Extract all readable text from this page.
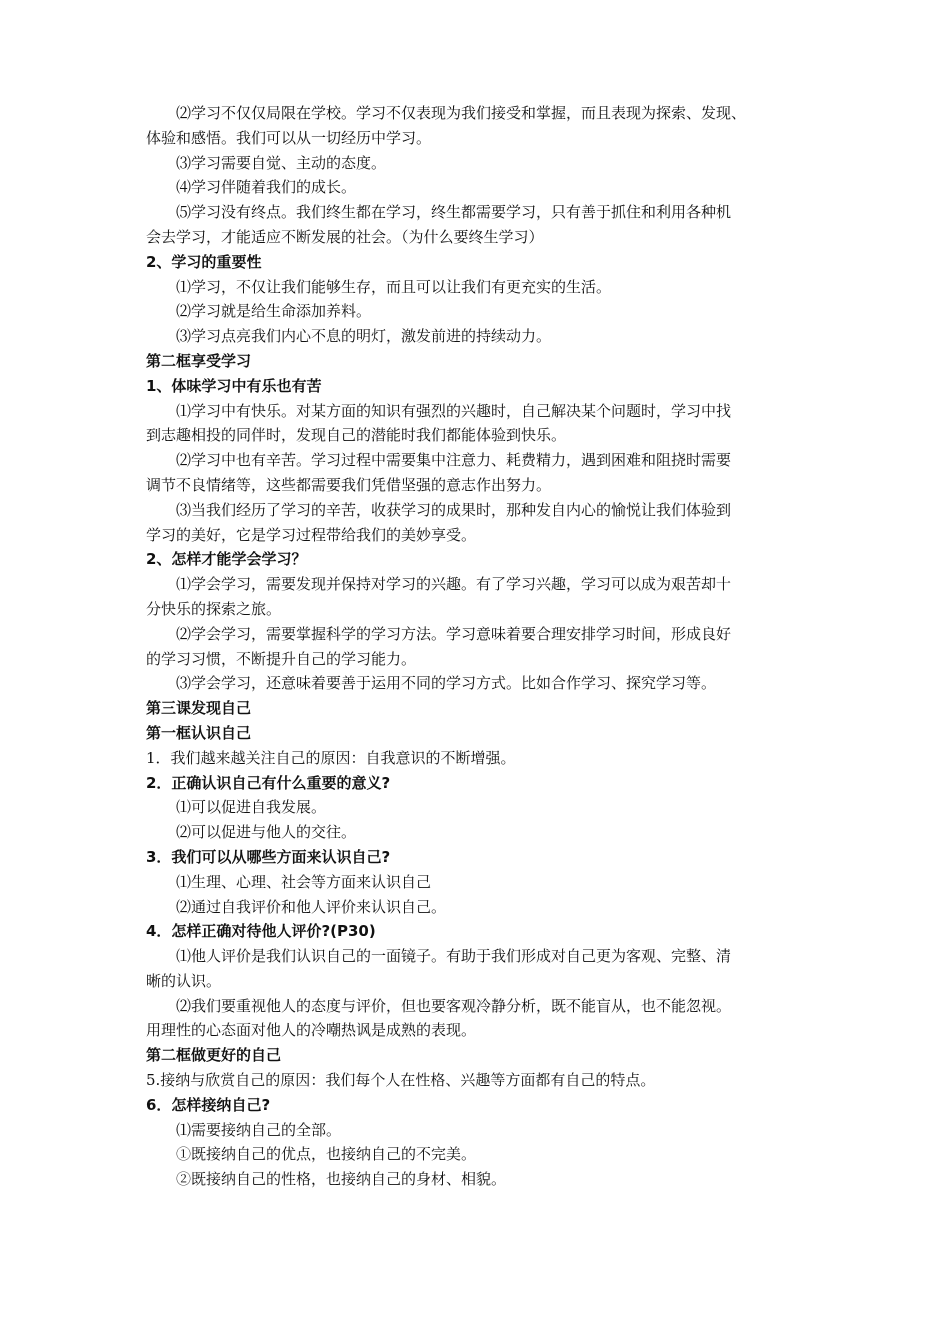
⑵学习不仅仅局限在学校。学习不仅表现为我们接受和掌握，而且表现为探索、发现、
体验和感悟。我们可以从一切经历中学习。
⑶学习需要自觉、主动的态度。
⑷学习伴随着我们的成长。
⑸学习没有终点。我们终生都在学习，终生都需要学习，只有善于抓住和利用各种机
会去学习，才能适应不断发展的社会。（为什么要终生学习）
2、学习的重要性
⑴学习，不仅让我们能够生存，而且可以让我们有更充实的生活。
⑵学习就是给生命添加养料。
⑶学习点亮我们内心不息的明灯，激发前进的持续动力。
第二框享受学习
1、体味学习中有乐也有苦
⑴学习中有快乐。对某方面的知识有强烈的兴趣时，自己解决某个问题时，学习中找
到志趣相投的同伴时，发现自己的潜能时我们都能体验到快乐。
⑵学习中也有辛苦。学习过程中需要集中注意力、耗费精力，遇到困难和阻挠时需要
调节不良情绪等，这些都需要我们凭借坚强的意志作出努力。
⑶当我们经历了学习的辛苦，收获学习的成果时，那种发自内心的愉悦让我们体验到
学习的美好，它是学习过程带给我们的美妙享受。
2、怎样才能学会学习？
⑴学会学习，需要发现并保持对学习的兴趣。有了学习兴趣，学习可以成为艰苦却十
分快乐的探索之旅。
⑵学会学习，需要掌握科学的学习方法。学习意味着要合理安排学习时间，形成良好
的学习习惯，不断提升自己的学习能力。
⑶学会学习，还意味着要善于运用不同的学习方式。比如合作学习、探究学习等。
第三课发现自己
第一框认识自己
1．我们越来越关注自己的原因：自我意识的不断增强。
2．正确认识自己有什么重要的意义?
⑴可以促进自我发展。
⑵可以促进与他人的交往。
3．我们可以从哪些方面来认识自己?
⑴生理、心理、社会等方面来认识自己
⑵通过自我评价和他人评价来认识自己。
4．怎样正确对待他人评价?(P30)
⑴他人评价是我们认识自己的一面镜子。有助于我们形成对自己更为客观、完整、清
晰的认识。
⑵我们要重视他人的态度与评价，但也要客观冷静分析，既不能盲从，也不能忽视。
用理性的心态面对他人的冷嘲热讽是成熟的表现。
第二框做更好的自己
5.接纳与欣赏自己的原因：我们每个人在性格、兴趣等方面都有自己的特点。
6．怎样接纳自己?
⑴需要接纳自己的全部。
①既接纳自己的优点，也接纳自己的不完美。
②既接纳自己的性格，也接纳自己的身材、相貌。
